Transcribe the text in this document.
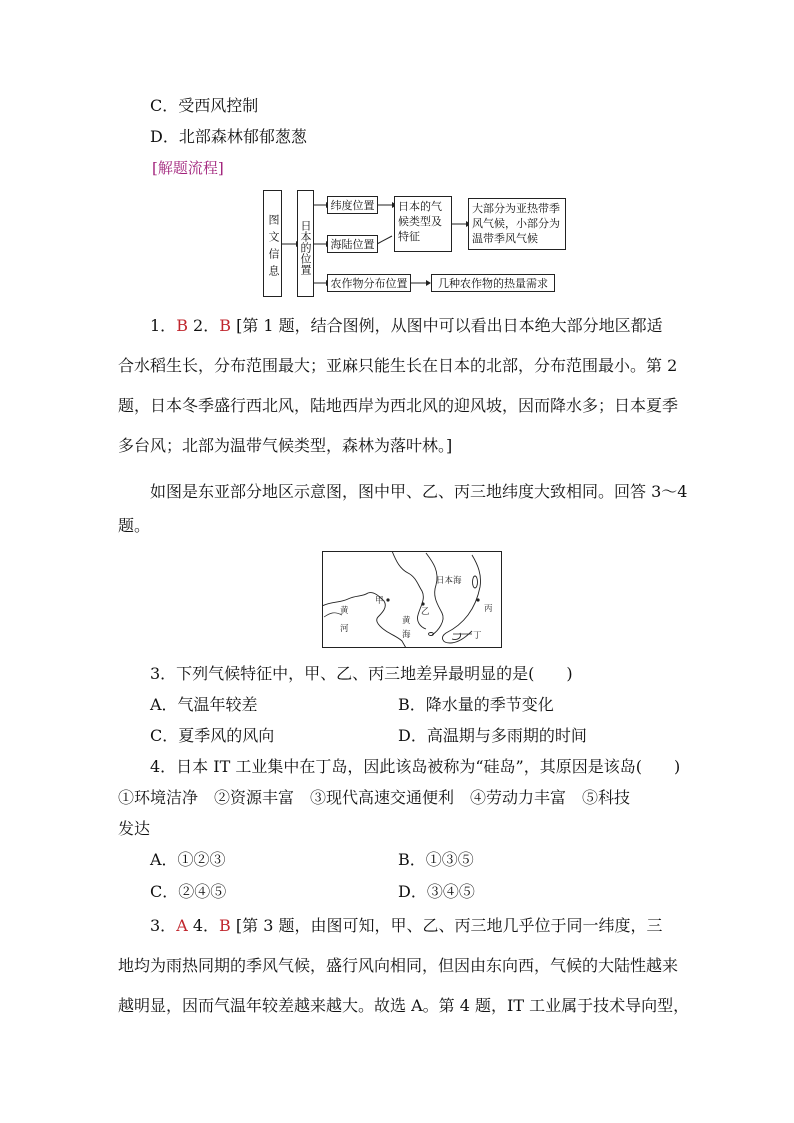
C．受西风控制
D．北部森林郁郁葱葱
[解题流程]
图文信息 日本的位置
纬度位置
海陆位置
农作物分布位置
日本的气候类型及特征
大部分为亚热带季风气候，小部分为温带季风气候
几种农作物的热量需求
1．B 2．B [第 1 题，结合图例，从图中可以看出日本绝大部分地区都适
合水稻生长，分布范围最大；亚麻只能生长在日本的北部，分布范围最小。第 2
题，日本冬季盛行西北风，陆地西岸为西北风的迎风坡，因而降水多；日本夏季
多台风；北部为温带气候类型，森林为落叶林。]
如图是东亚部分地区示意图，图中甲、乙、丙三地纬度大致相同。回答 3～4
题。
甲
乙	丙
丁
日本海
黄
河
黄
海
3．下列气候特征中，甲、乙、丙三地差异最明显的是(　　)
A．气温年较差	B．降水量的季节变化
C．夏季风的风向	D．高温期与多雨期的时间
4．日本 IT 工业集中在丁岛，因此该岛被称为“硅岛”，其原因是该岛(　　)
①环境洁净　②资源丰富　③现代高速交通便利　④劳动力丰富　⑤科技
发达
A．①②③	B．①③⑤
C．②④⑤	D．③④⑤
3．A 4．B [第 3 题，由图可知，甲、乙、丙三地几乎位于同一纬度，三
地均为雨热同期的季风气候，盛行风向相同，但因由东向西，气候的大陆性越来
越明显，因而气温年较差越来越大。故选 A。第 4 题，IT 工业属于技术导向型，
